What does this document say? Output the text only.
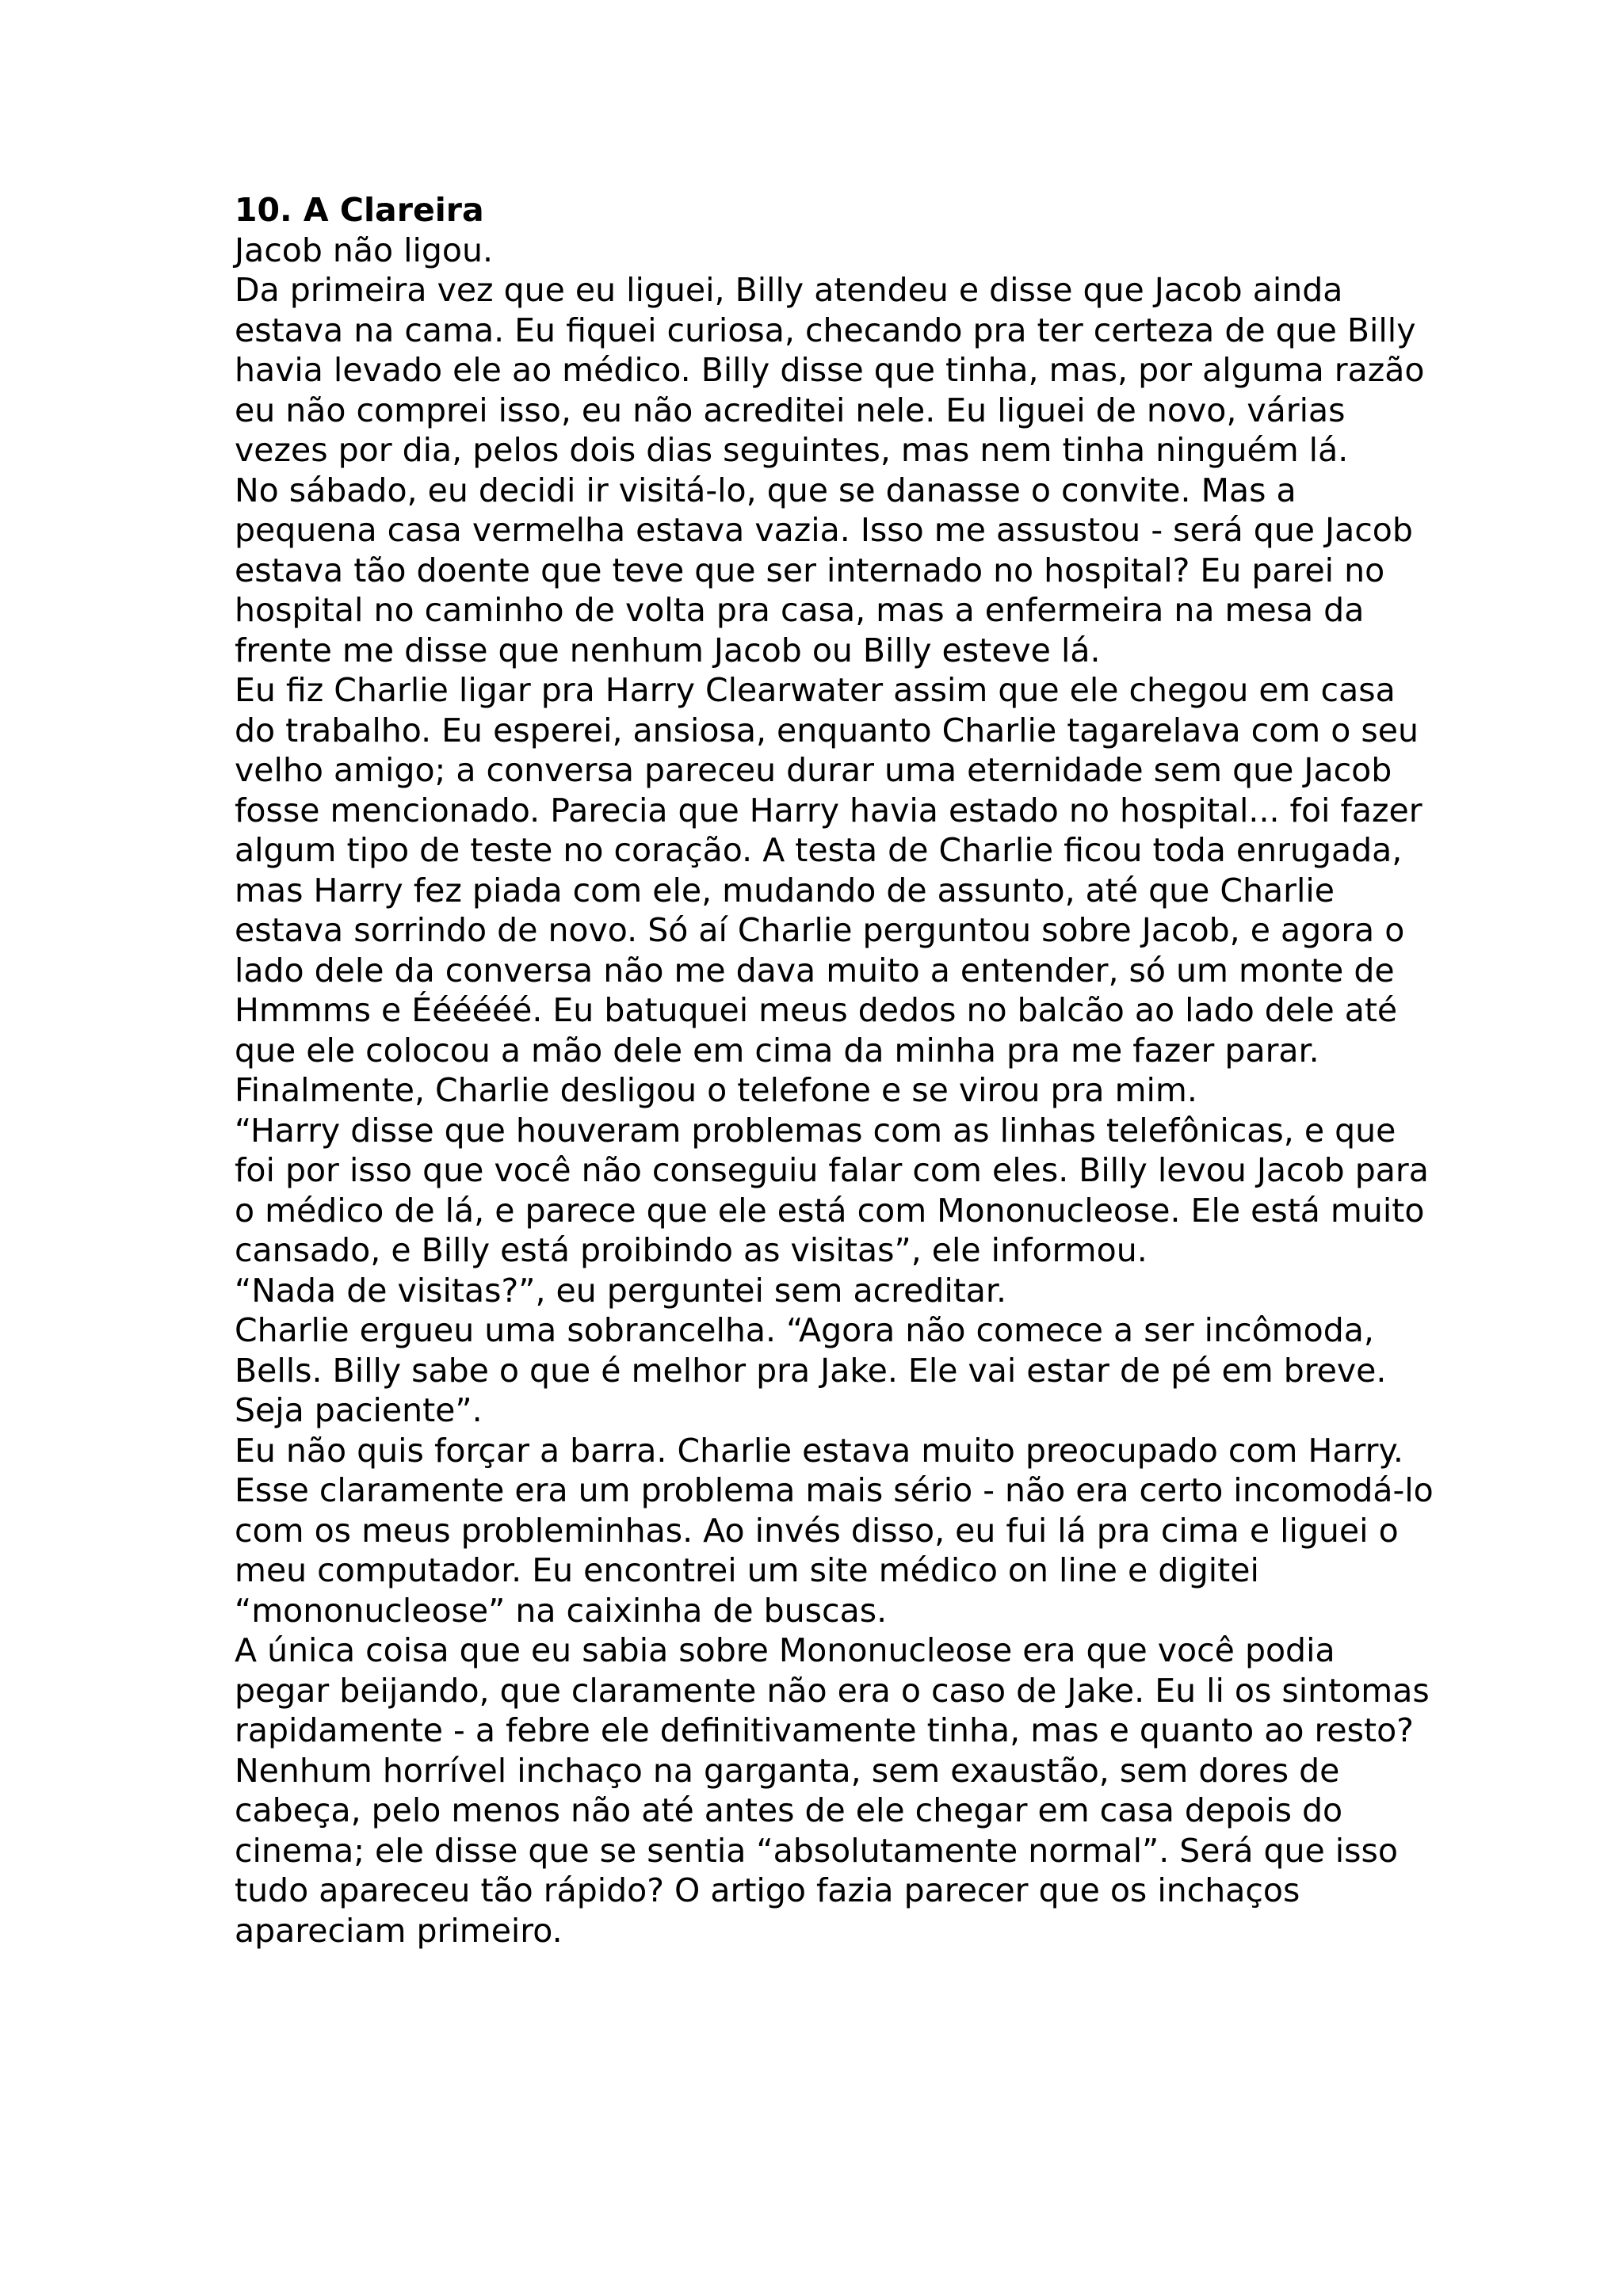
10. A Clareira

Jacob não ligou.

Da primeira vez que eu liguei, Billy atendeu e disse que Jacob ainda estava na cama. Eu fiquei curiosa, checando pra ter certeza de que Billy havia levado ele ao médico. Billy disse que tinha, mas, por alguma razão eu não comprei isso, eu não acreditei nele. Eu liguei de novo, várias vezes por dia, pelos dois dias seguintes, mas nem tinha ninguém lá.

No sábado, eu decidi ir visitá-lo, que se danasse o convite. Mas a pequena casa vermelha estava vazia. Isso me assustou - será que Jacob estava tão doente que teve que ser internado no hospital? Eu parei no hospital no caminho de volta pra casa, mas a enfermeira na mesa da frente me disse que nenhum Jacob ou Billy esteve lá.

Eu fiz Charlie ligar pra Harry Clearwater assim que ele chegou em casa do trabalho. Eu esperei, ansiosa, enquanto Charlie tagarelava com o seu velho amigo; a conversa pareceu durar uma eternidade sem que Jacob fosse mencionado. Parecia que Harry havia estado no hospital... foi fazer algum tipo de teste no coração. A testa de Charlie ficou toda enrugada, mas Harry fez piada com ele, mudando de assunto, até que Charlie estava sorrindo de novo. Só aí Charlie perguntou sobre Jacob, e agora o lado dele da conversa não me dava muito a entender, só um monte de Hmmms e Éééééé. Eu batuquei meus dedos no balcão ao lado dele até que ele colocou a mão dele em cima da minha pra me fazer parar.

Finalmente, Charlie desligou o telefone e se virou pra mim.

“Harry disse que houveram problemas com as linhas telefônicas, e que foi por isso que você não conseguiu falar com eles. Billy levou Jacob para o médico de lá, e parece que ele está com Mononucleose. Ele está muito cansado, e Billy está proibindo as visitas”, ele informou.

“Nada de visitas?”, eu perguntei sem acreditar.

Charlie ergueu uma sobrancelha. “Agora não comece a ser incômoda, Bells. Billy sabe o que é melhor pra Jake. Ele vai estar de pé em breve. Seja paciente”.

Eu não quis forçar a barra. Charlie estava muito preocupado com Harry. Esse claramente era um problema mais sério - não era certo incomodá-lo com os meus probleminhas. Ao invés disso, eu fui lá pra cima e liguei o meu computador. Eu encontrei um site médico on line e digitei “mononucleose” na caixinha de buscas.

A única coisa que eu sabia sobre Mononucleose era que você podia pegar beijando, que claramente não era o caso de Jake. Eu li os sintomas rapidamente - a febre ele definitivamente tinha, mas e quanto ao resto?

Nenhum horrível inchaço na garganta, sem exaustão, sem dores de cabeça, pelo menos não até antes de ele chegar em casa depois do cinema; ele disse que se sentia “absolutamente normal”. Será que isso tudo apareceu tão rápido? O artigo fazia parecer que os inchaços apareciam primeiro.
